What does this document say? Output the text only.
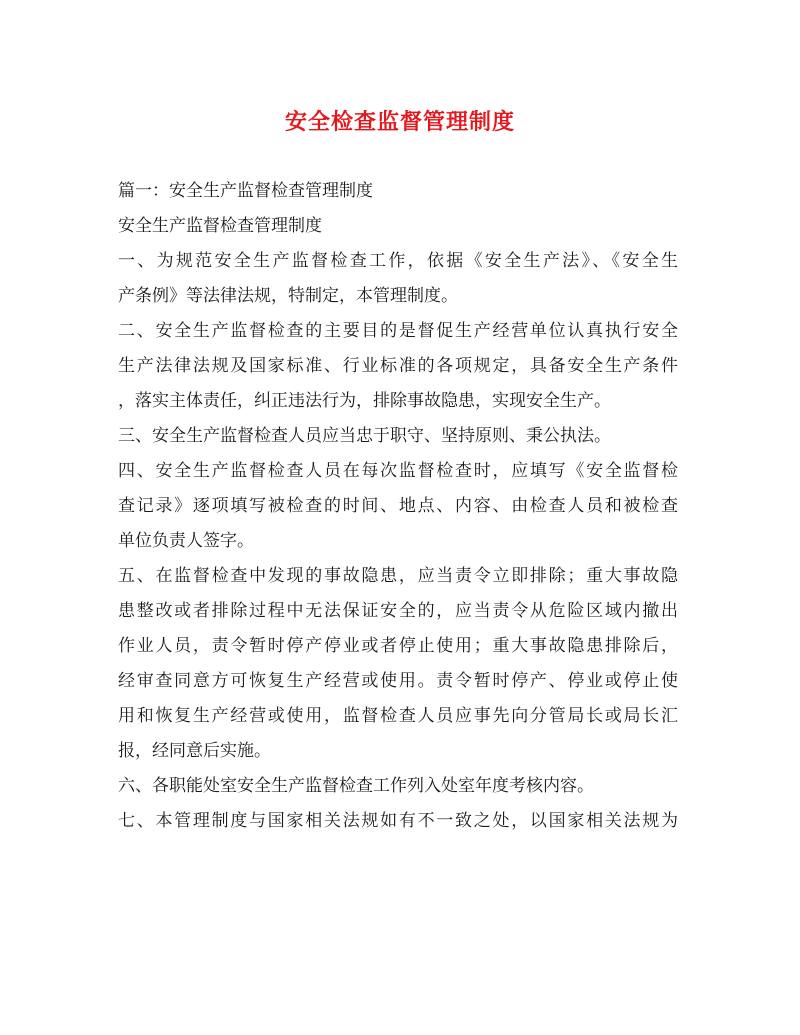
安全检查监督管理制度
篇一：安全生产监督检查管理制度
安全生产监督检查管理制度
一、为规范安全生产监督检查工作，依据《安全生产法》、《安全生
产条例》等法律法规，特制定，本管理制度。
二、安全生产监督检查的主要目的是督促生产经营单位认真执行安全
生产法律法规及国家标准、行业标准的各项规定，具备安全生产条件
，落实主体责任，纠正违法行为，排除事故隐患，实现安全生产。
三、安全生产监督检查人员应当忠于职守、坚持原则、秉公执法。
四、安全生产监督检查人员在每次监督检查时，应填写《安全监督检
查记录》逐项填写被检查的时间、地点、内容、由检查人员和被检查
单位负责人签字。
五、在监督检查中发现的事故隐患，应当责令立即排除；重大事故隐
患整改或者排除过程中无法保证安全的，应当责令从危险区域内撤出
作业人员，责令暂时停产停业或者停止使用；重大事故隐患排除后，
经审查同意方可恢复生产经营或使用。责令暂时停产、停业或停止使
用和恢复生产经营或使用，监督检查人员应事先向分管局长或局长汇
报，经同意后实施。
六、各职能处室安全生产监督检查工作列入处室年度考核内容。
七、本管理制度与国家相关法规如有不一致之处，以国家相关法规为
